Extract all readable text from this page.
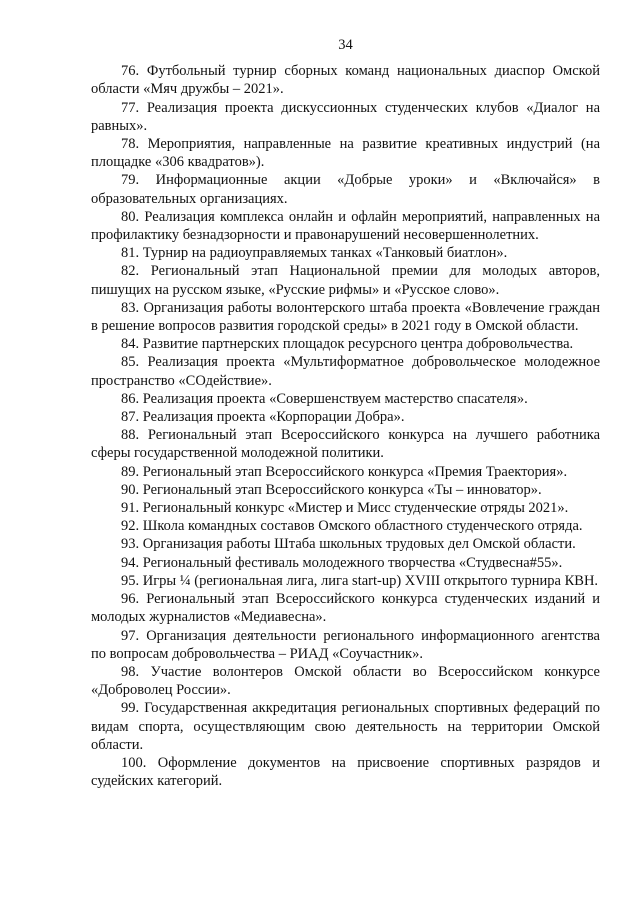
34

76. Футбольный турнир сборных команд национальных диаспор Омской области «Мяч дружбы – 2021».

77. Реализация проекта дискуссионных студенческих клубов «Диалог на равных».

78. Мероприятия, направленные на развитие креативных индустрий (на площадке «306 квадратов»).

79. Информационные акции «Добрые уроки» и «Включайся» в образовательных организациях.

80. Реализация комплекса онлайн и офлайн мероприятий, направленных на профилактику безнадзорности и правонарушений несовершеннолетних.

81. Турнир на радиоуправляемых танках «Танковый биатлон».

82. Региональный этап Национальной премии для молодых авторов, пишущих на русском языке, «Русские рифмы» и «Русское слово».

83. Организация работы волонтерского штаба проекта «Вовлечение граждан в решение вопросов развития городской среды» в 2021 году в Омской области.

84. Развитие партнерских площадок ресурсного центра добровольчества.

85. Реализация проекта «Мультиформатное добровольческое молодежное пространство «СОдействие».

86. Реализация проекта «Совершенствуем мастерство спасателя».

87. Реализация проекта «Корпорации Добра».

88. Региональный этап Всероссийского конкурса на лучшего работника сферы государственной молодежной политики.

89. Региональный этап Всероссийского конкурса «Премия Траектория».

90. Региональный этап Всероссийского конкурса «Ты – инноватор».

91. Региональный конкурс «Мистер и Мисс студенческие отряды 2021».

92. Школа командных составов Омского областного студенческого отряда.

93. Организация работы Штаба школьных трудовых дел Омской области.

94. Региональный фестиваль молодежного творчества «Студвесна#55».

95. Игры ¼ (региональная лига, лига start-up) XVIII открытого турнира КВН.

96. Региональный этап Всероссийского конкурса студенческих изданий и молодых журналистов «Медиавесна».

97. Организация деятельности регионального информационного агентства по вопросам добровольчества – РИАД «Соучастник».

98. Участие волонтеров Омской области во Всероссийском конкурсе «Доброволец России».

99. Государственная аккредитация региональных спортивных федераций по видам спорта, осуществляющим свою деятельность на территории Омской области.

100. Оформление документов на присвоение спортивных разрядов и судейских категорий.
